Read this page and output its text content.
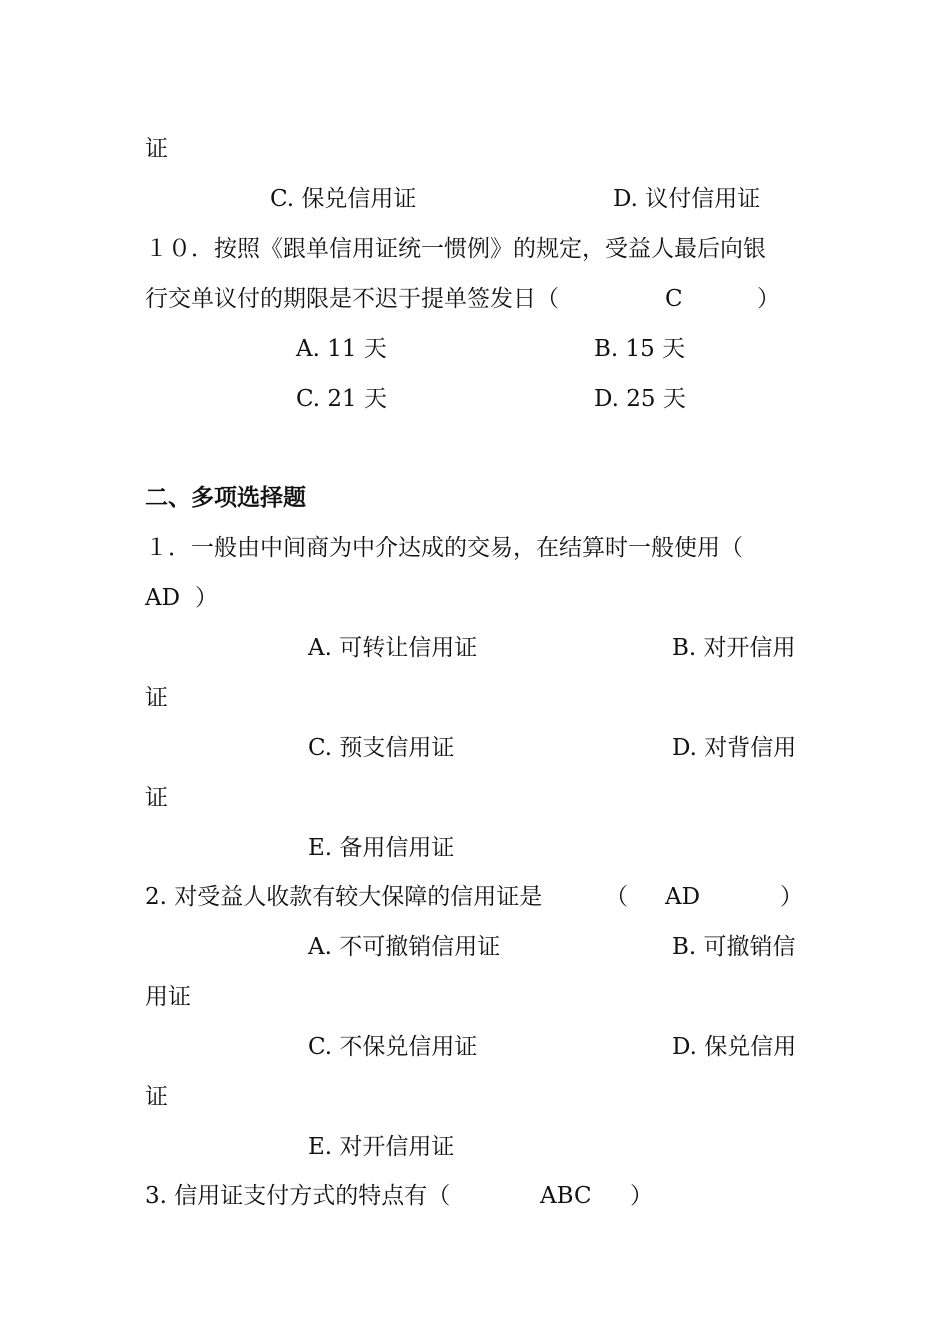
证
C. 保兑信用证	D. 议付信用证
１０．按照《跟单信用证统一惯例》的规定，受益人最后向银
行交单议付的期限是不迟于提单签发日（	C	）
A. 11 天	B. 15 天
C. 21 天	D. 25 天
二、多项选择题
１．一般由中间商为中介达成的交易，在结算时一般使用（
AD ）
A. 可转让信用证	B. 对开信用
证
C. 预支信用证	D. 对背信用
证
E. 备用信用证
2. 对受益人收款有较大保障的信用证是	（ AD	）
A. 不可撤销信用证	B. 可撤销信
用证
C. 不保兑信用证	D. 保兑信用
证
E. 对开信用证
3. 信用证支付方式的特点有（	ABC ）
